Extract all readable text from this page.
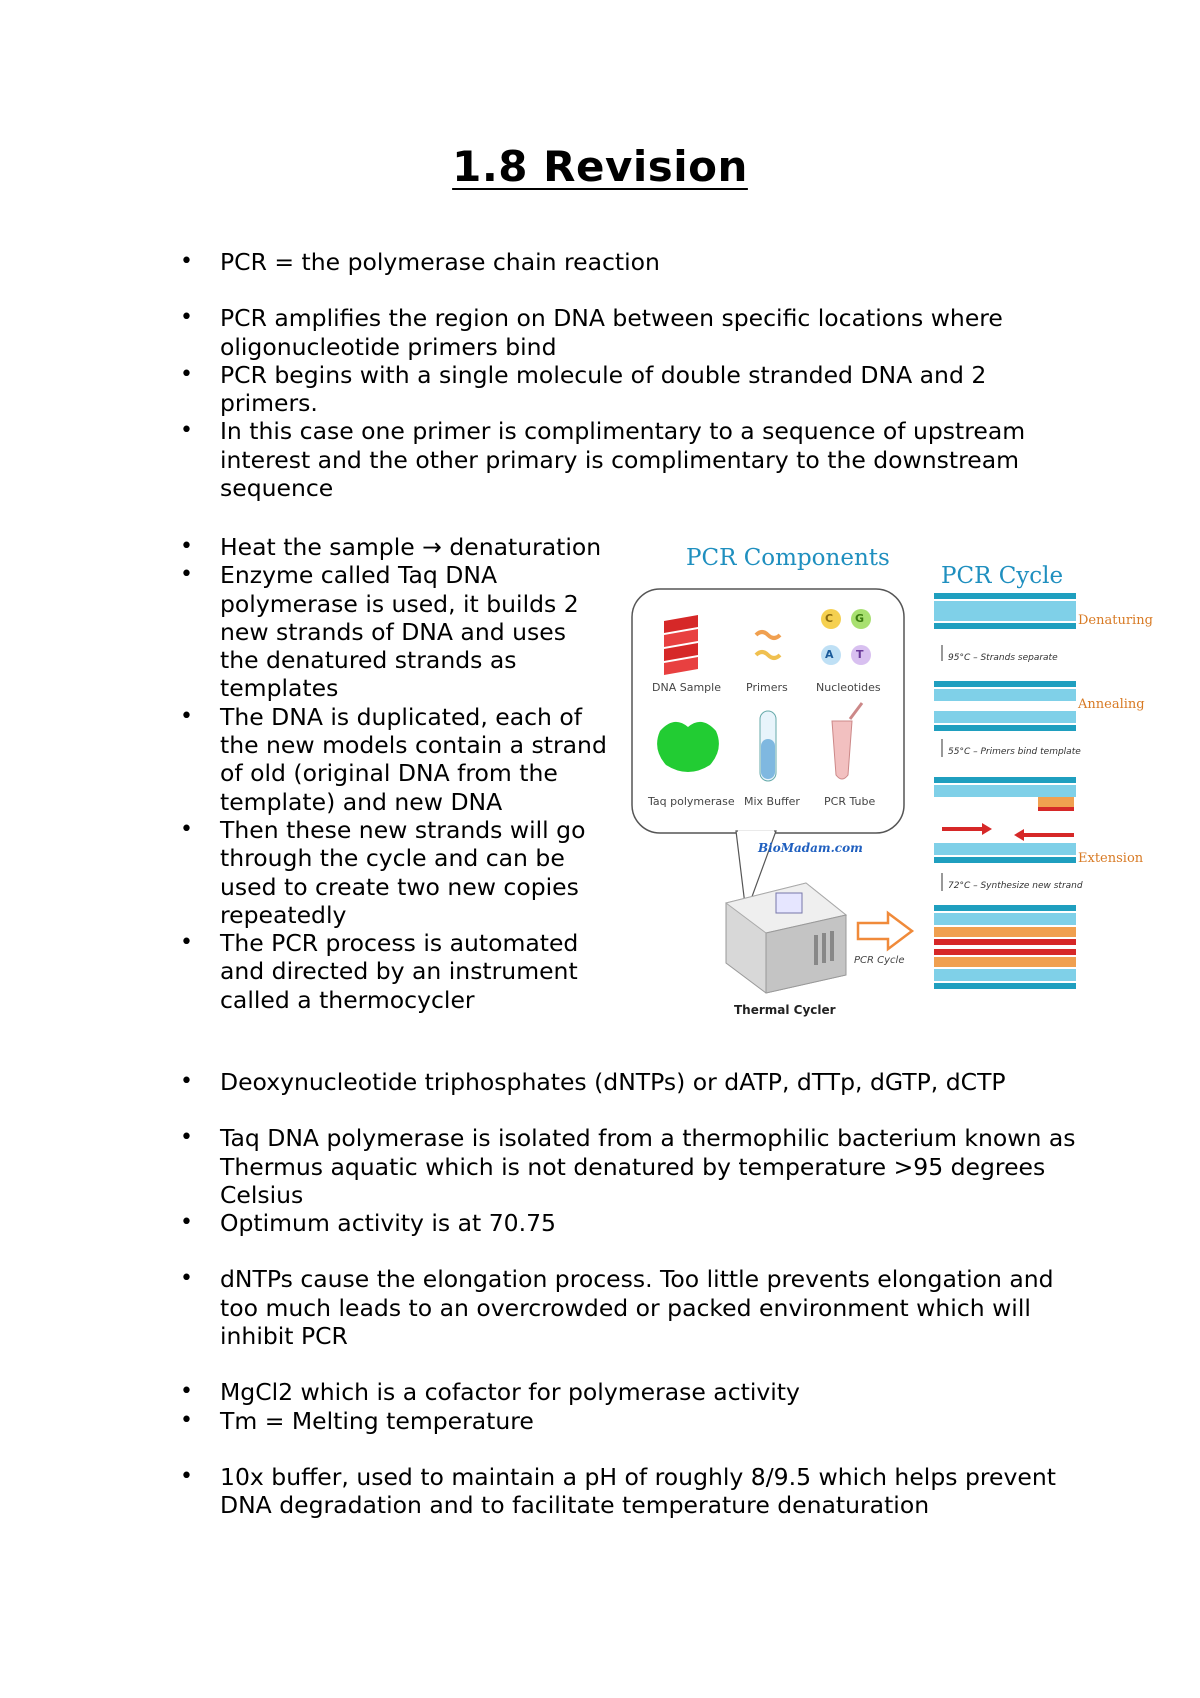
1.8 Revision
• PCR = the polymerase chain reaction
• PCR amplifies the region on DNA between specific locations where oligonucleotide primers bind
• PCR begins with a single molecule of double stranded DNA and 2 primers.
• In this case one primer is complimentary to a sequence of upstream interest and the other primary is complimentary to the downstream sequence
• Heat the sample → denaturation
• Enzyme called Taq DNA polymerase is used, it builds 2 new strands of DNA and uses the denatured strands as templates
• The DNA is duplicated, each of the new models contain a strand of old (original DNA from the template) and new DNA
• Then these new strands will go through the cycle and can be used to create two new copies repeatedly
• The PCR process is automated and directed by an instrument called a thermocycler
• Deoxynucleotide triphosphates (dNTPs) or dATP, dTTp, dGTP, dCTP
• Taq DNA polymerase is isolated from a thermophilic bacterium known as Thermus aquatic which is not denatured by temperature >95 degrees Celsius
• Optimum activity is at 70.75
• dNTPs cause the elongation process. Too little prevents elongation and too much leads to an overcrowded or packed environment which will inhibit PCR
• MgCl2 which is a cofactor for polymerase activity
• Tm = Melting temperature
• 10x buffer, used to maintain a pH of roughly 8/9.5 which helps prevent DNA degradation and to facilitate temperature denaturation
PCR Components
PCR Cycle
DNA Sample Primers	Nucleotides
Taq polymerase Mix Buffer PCR Tube
C G
A T
BioMadam.com
Thermal Cycler
PCR Cycle
Denaturing
Annealing
Extension
95°C – Strands separate
55°C – Primers bind template
72°C – Synthesize new strand
